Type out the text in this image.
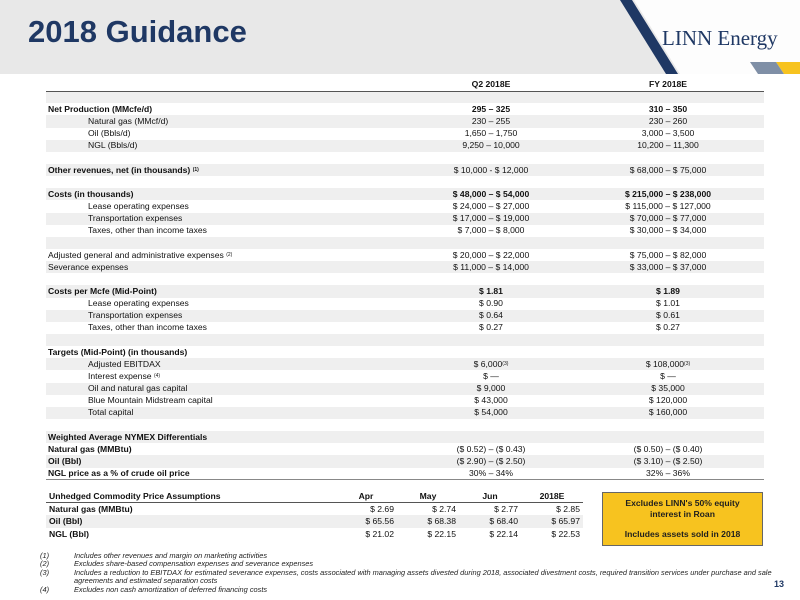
2018 Guidance	LINN Energy
	Q2 2018E	FY 2018E

Net Production (MMcfe/d)	295 – 325	310 – 350
Natural gas (MMcf/d)	230 – 255	230 – 260
Oil (Bbls/d)	1,650 – 1,750	3,000 – 3,500
NGL (Bbls/d)	9,250 – 10,000	10,200 – 11,300

Other revenues, net (in thousands) $^{(1)}$	$ 10,000 - $ 12,000	$ 68,000 – $ 75,000

Costs (in thousands)	$ 48,000 – $ 54,000	$ 215,000 – $ 238,000
Lease operating expenses	$ 24,000 – $ 27,000	$ 115,000 – $ 127,000
Transportation expenses	$ 17,000 – $ 19,000	$ 70,000 – $ 77,000
Taxes, other than income taxes	$ 7,000 – $ 8,000	$ 30,000 – $ 34,000

Adjusted general and administrative expenses $^{(2)}$	$ 20,000 – $ 22,000	$ 75,000 – $ 82,000
Severance expenses	$ 11,000 – $ 14,000	$ 33,000 – $ 37,000

Costs per Mcfe (Mid-Point)	$ 1.81	$ 1.89
Lease operating expenses	$ 0.90	$ 1.01
Transportation expenses	$ 0.64	$ 0.61
Taxes, other than income taxes	$ 0.27	$ 0.27

Targets (Mid-Point) (in thousands)		
Adjusted EBITDAX	$ 6,000$^{(3)}$	$ 108,000$^{(3)}$
Interest expense $^{(4)}$	$ —	$ —
Oil and natural gas capital	$ 9,000	$ 35,000
Blue Mountain Midstream capital	$ 43,000	$ 120,000
Total capital	$ 54,000	$ 160,000

Weighted Average NYMEX Differentials		
Natural gas (MMBtu)	($ 0.52) – ($ 0.43)	($ 0.50) – ($ 0.40)
Oil (Bbl)	($ 2.90) – ($ 2.50)	($ 3.10) – ($ 2.50)
NGL price as a % of crude oil price	30% – 34%	32% – 36%
Unhedged Commodity Price Assumptions	Apr	May	Jun	2018E
Natural gas (MMBtu)	$ 2.69	$ 2.74	$ 2.77	$ 2.85
Oil (Bbl)	$ 65.56	$ 68.38	$ 68.40	$ 65.97
NGL (Bbl)	$ 21.02	$ 22.15	$ 22.14	$ 22.53
Excludes LINN's 50% equity
interest in Roan
Includes assets sold in 2018
(1)	Includes other revenues and margin on marketing activities
(2)	Excludes share-based compensation expenses and severance expenses
(3)	Includes a reduction to EBITDAX for estimated severance expenses, costs associated with managing assets divested during 2018, associated divestment costs, required transition services under purchase and sale agreements and estimated separation costs
(4)	Excludes non cash amortization of deferred financing costs
13
